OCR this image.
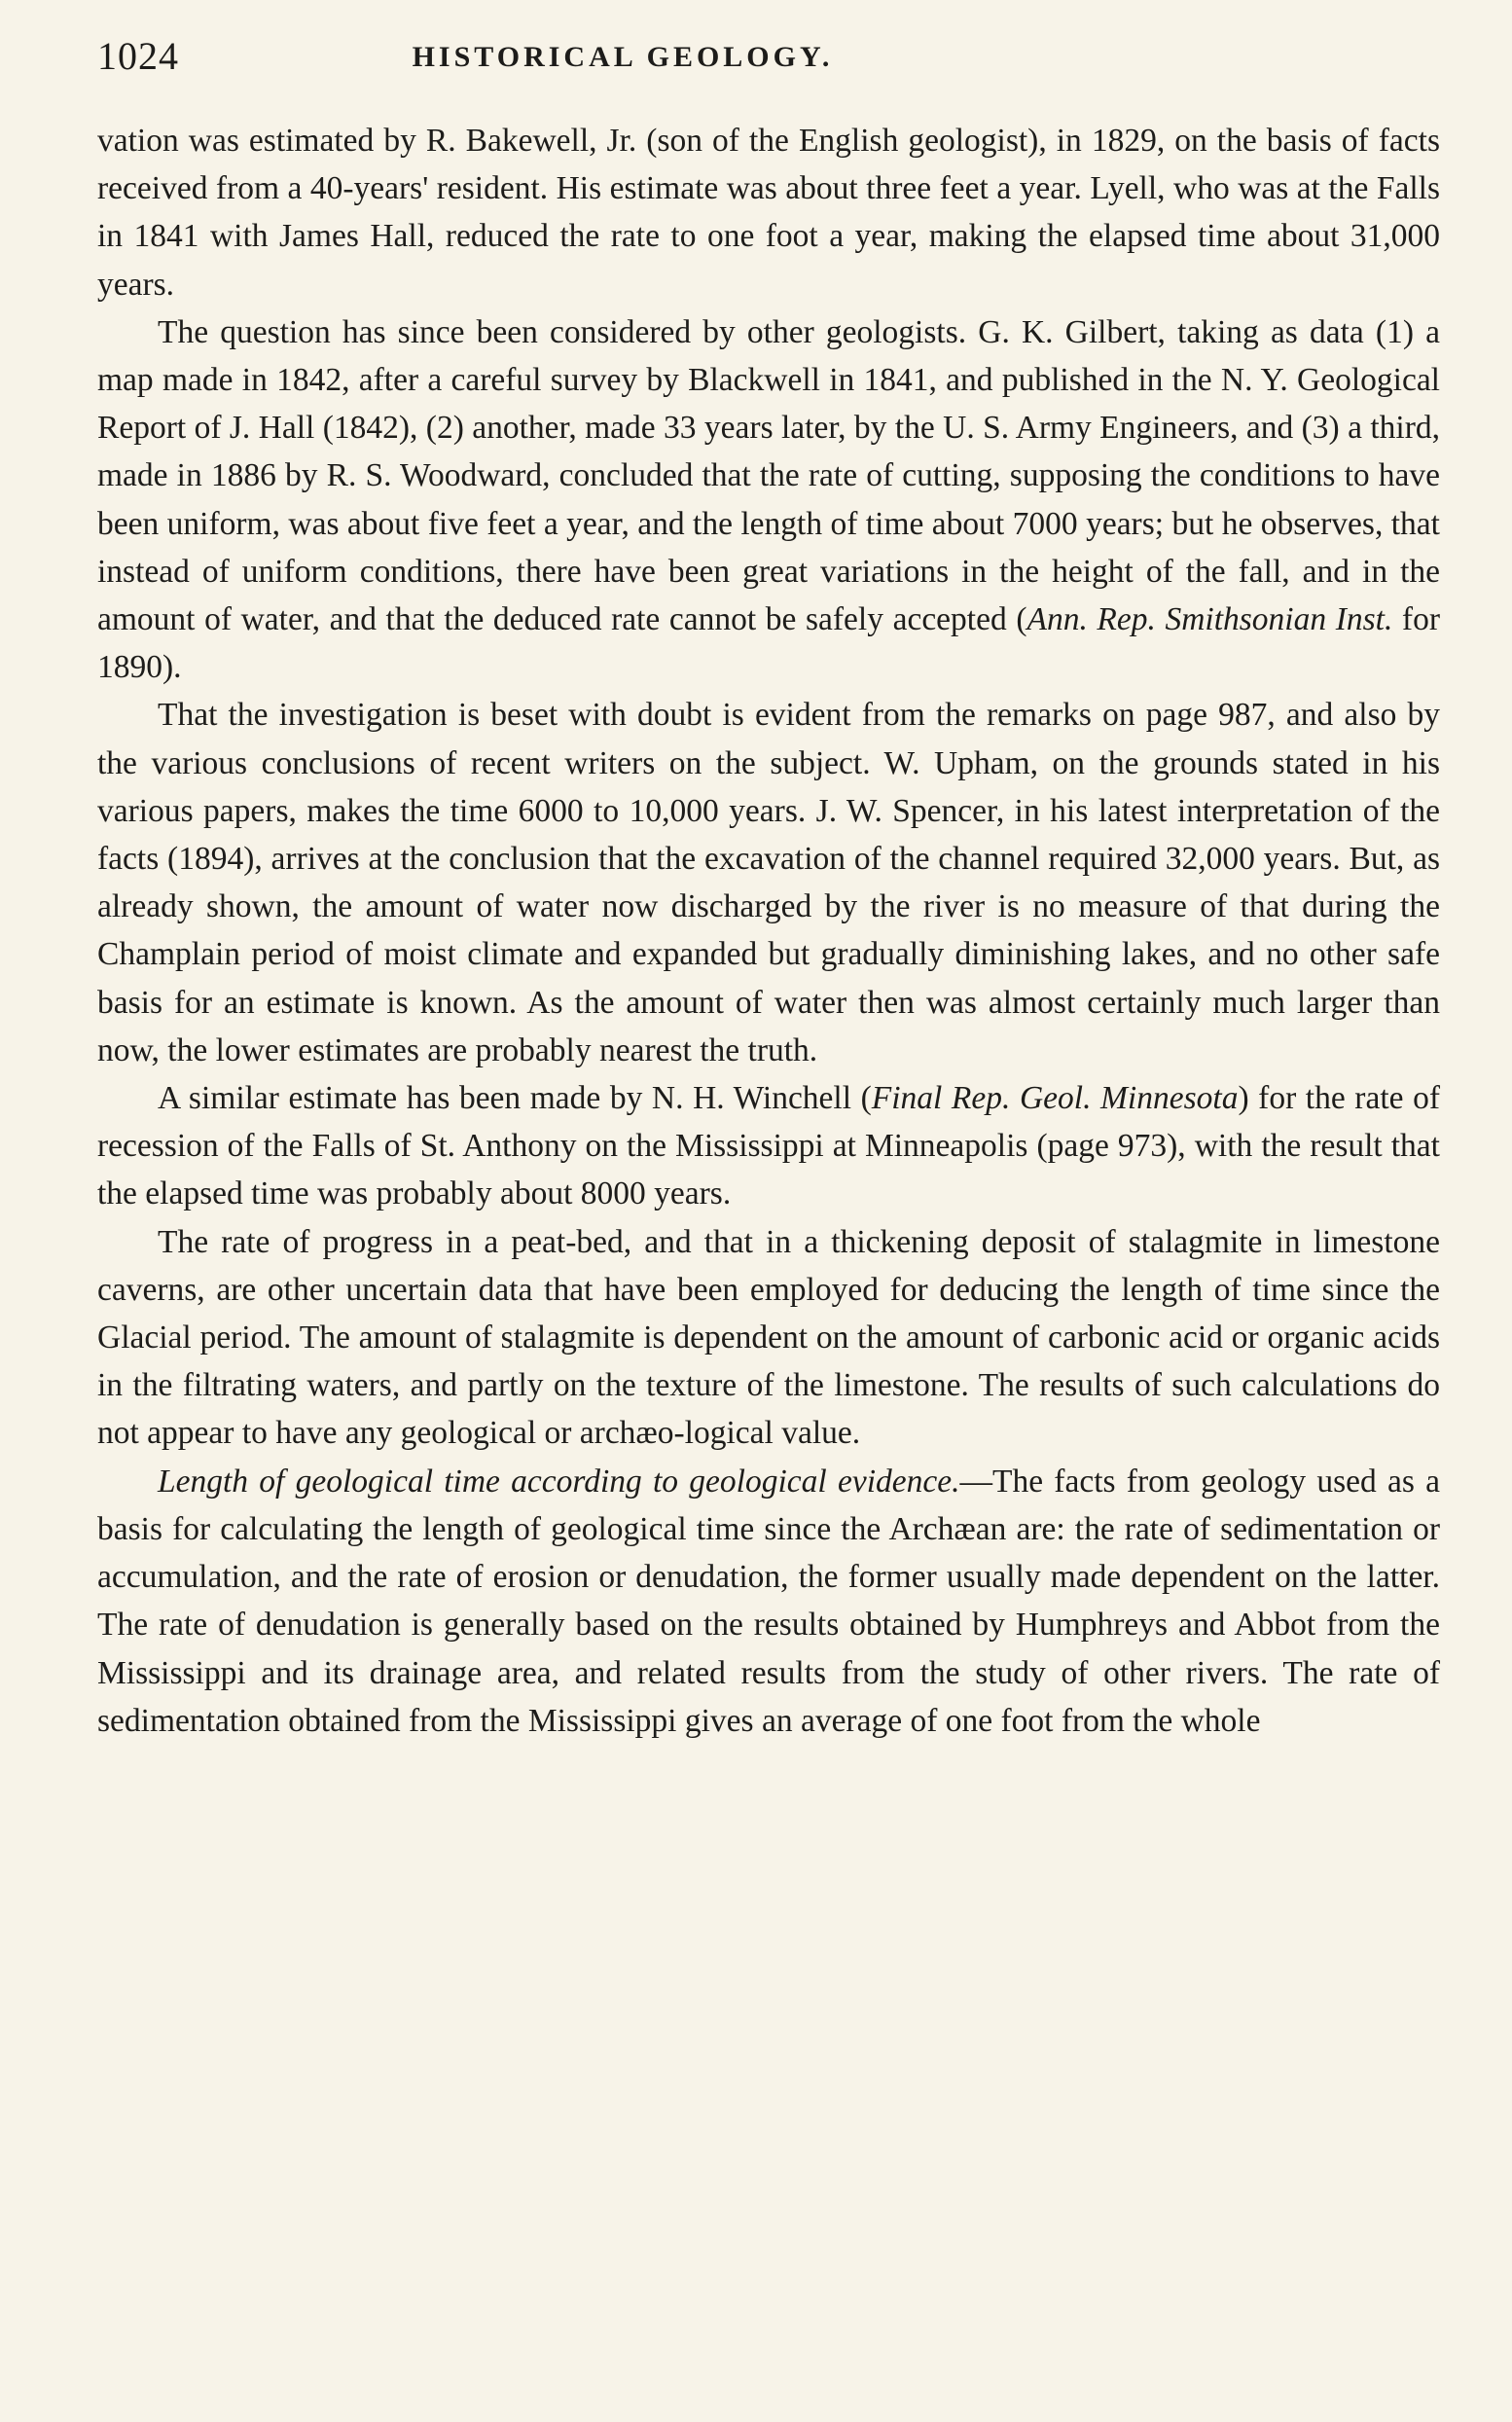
1024	HISTORICAL GEOLOGY.

vation was estimated by R. Bakewell, Jr. (son of the English geologist), in 1829, on the basis of facts received from a 40-years' resident. His estimate was about three feet a year. Lyell, who was at the Falls in 1841 with James Hall, reduced the rate to one foot a year, making the elapsed time about 31,000 years.

The question has since been considered by other geologists. G. K. Gilbert, taking as data (1) a map made in 1842, after a careful survey by Blackwell in 1841, and published in the N. Y. Geological Report of J. Hall (1842), (2) another, made 33 years later, by the U. S. Army Engineers, and (3) a third, made in 1886 by R. S. Woodward, concluded that the rate of cutting, supposing the conditions to have been uniform, was about five feet a year, and the length of time about 7000 years; but he observes, that instead of uniform conditions, there have been great variations in the height of the fall, and in the amount of water, and that the deduced rate cannot be safely accepted (Ann. Rep. Smithsonian Inst. for 1890).

That the investigation is beset with doubt is evident from the remarks on page 987, and also by the various conclusions of recent writers on the subject. W. Upham, on the grounds stated in his various papers, makes the time 6000 to 10,000 years. J. W. Spencer, in his latest interpretation of the facts (1894), arrives at the conclusion that the excavation of the channel required 32,000 years. But, as already shown, the amount of water now discharged by the river is no measure of that during the Champlain period of moist climate and expanded but gradually diminishing lakes, and no other safe basis for an estimate is known. As the amount of water then was almost certainly much larger than now, the lower estimates are probably nearest the truth.

A similar estimate has been made by N. H. Winchell (Final Rep. Geol. Minnesota) for the rate of recession of the Falls of St. Anthony on the Mississippi at Minneapolis (page 973), with the result that the elapsed time was probably about 8000 years.

The rate of progress in a peat-bed, and that in a thickening deposit of stalagmite in limestone caverns, are other uncertain data that have been employed for deducing the length of time since the Glacial period. The amount of stalagmite is dependent on the amount of carbonic acid or organic acids in the filtrating waters, and partly on the texture of the limestone. The results of such calculations do not appear to have any geological or archæo-logical value.

Length of geological time according to geological evidence.—The facts from geology used as a basis for calculating the length of geological time since the Archæan are: the rate of sedimentation or accumulation, and the rate of erosion or denudation, the former usually made dependent on the latter. The rate of denudation is generally based on the results obtained by Humphreys and Abbot from the Mississippi and its drainage area, and related results from the study of other rivers. The rate of sedimentation obtained from the Mississippi gives an average of one foot from the whole
